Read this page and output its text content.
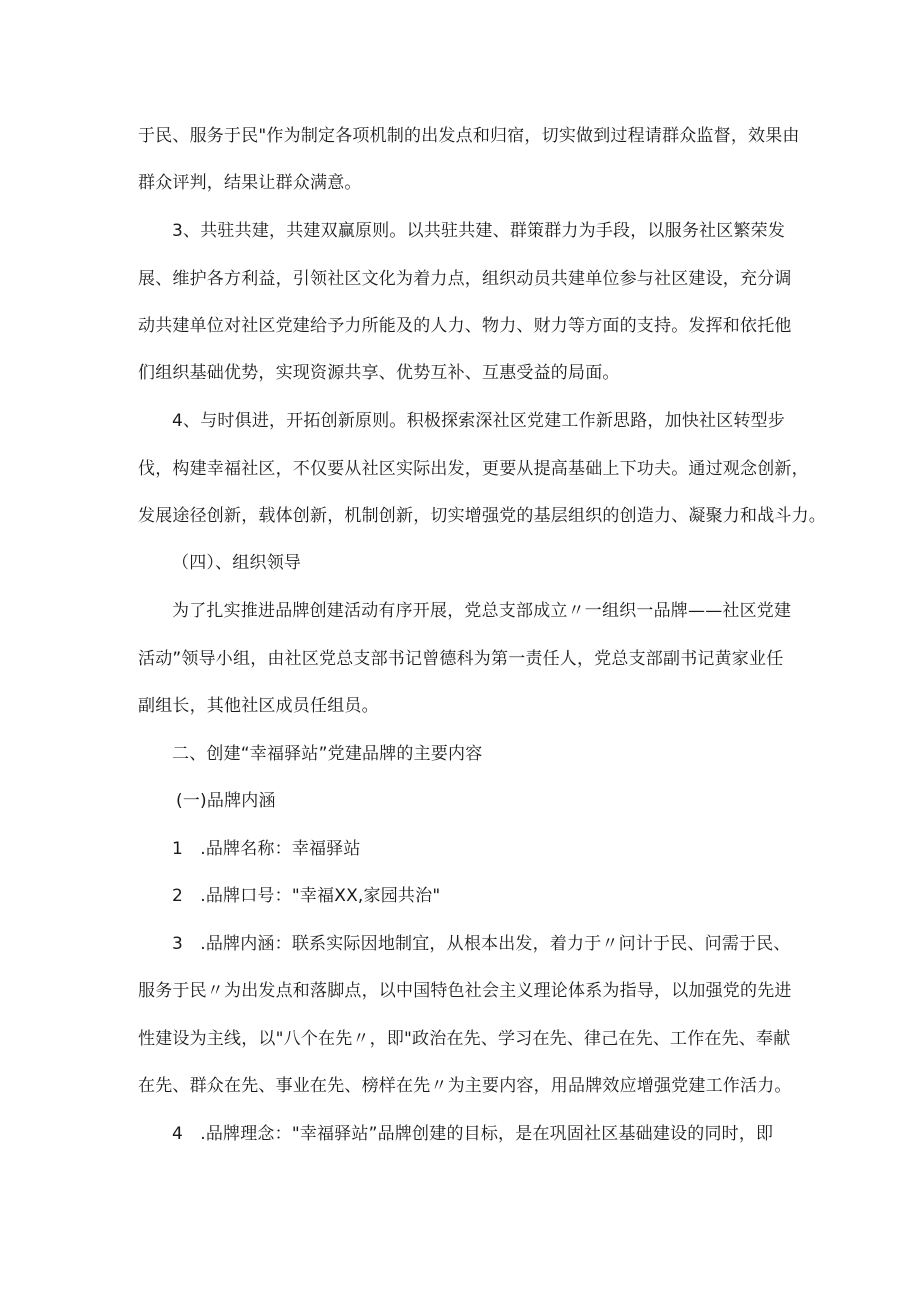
于民、服务于民"作为制定各项机制的出发点和归宿，切实做到过程请群众监督，效果由
群众评判，结果让群众满意。
3、共驻共建，共建双赢原则。以共驻共建、群策群力为手段，以服务社区繁荣发
展、维护各方利益，引领社区文化为着力点，组织动员共建单位参与社区建设，充分调
动共建单位对社区党建给予力所能及的人力、物力、财力等方面的支持。发挥和依托他
们组织基础优势，实现资源共享、优势互补、互惠受益的局面。
4、与时俱进，开拓创新原则。积极探索深社区党建工作新思路，加快社区转型步
伐，构建幸福社区，不仅要从社区实际出发，更要从提高基础上下功夫。通过观念创新，
发展途径创新，载体创新，机制创新，切实增强党的基层组织的创造力、凝聚力和战斗力。
（四）、组织领导
为了扎实推进品牌创建活动有序开展，党总支部成立〃一组织一品牌——社区党建
活动”领导小组，由社区党总支部书记曾德科为第一责任人，党总支部副书记黄家业任
副组长，其他社区成员任组员。
二、创建“幸福驿站”党建品牌的主要内容
(一)品牌内涵
1　.品牌名称：幸福驿站
2　.品牌口号："幸福XX,家园共治"
3　.品牌内涵：联系实际因地制宜，从根本出发，着力于〃问计于民、问需于民、
服务于民〃为出发点和落脚点，以中国特色社会主义理论体系为指导，以加强党的先进
性建设为主线，以"八个在先〃，即"政治在先、学习在先、律己在先、工作在先、奉献
在先、群众在先、事业在先、榜样在先〃为主要内容，用品牌效应增强党建工作活力。
4　.品牌理念："幸福驿站”品牌创建的目标，是在巩固社区基础建设的同时，即
